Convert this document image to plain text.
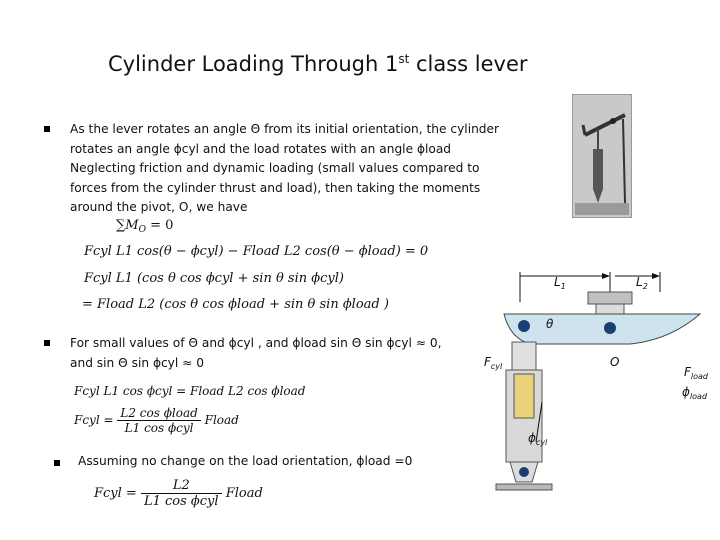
Cylinder Loading Through 1st class lever
As the lever rotates an angle Θ from its initial orientation, the cylinder
rotates an angle ϕcyl and the load rotates with an angle ϕload
Neglecting friction and dynamic loading (small values compared to
forces from the cylinder thrust and load), then taking the moments
around the pivot, O, we have
$\sum M_O = 0$
Fcyl L1 cos(θ − ϕcyl) − Fload L2 cos(θ − ϕload) = 0
Fcyl L1 (cos θ cos ϕcyl + sin θ sin ϕcyl)
= Fload L2 (cos θ cos ϕload + sin θ sin ϕload )
For small values of Θ and ϕcyl , and ϕload sin Θ sin ϕcyl ≈ 0,
and sin Θ sin ϕcyl ≈ 0
Fcyl L1 cos ϕcyl = Fload L2 cos ϕload
Fcyl = $\frac{\text{L2 cos ϕload}}{\text{L1 cos ϕcyl}}$ Fload
Assuming no change on the load orientation, ϕload =0
Fcyl = $\frac{L2}{\text{L1 cos ϕcyl}}$ Fload
$L_1$	$L_2$
θ
O
$F_{cyl}$
$\phi_{cyl}$
$F_{load}$
$\phi_{load}$
